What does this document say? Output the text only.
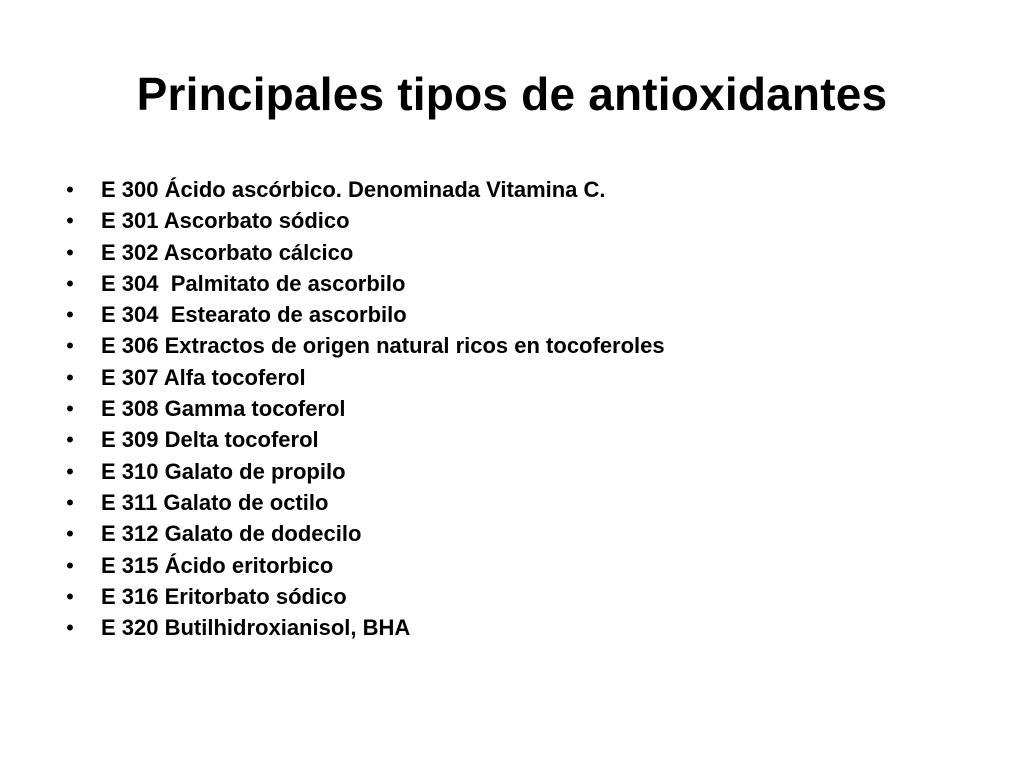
Principales tipos de antioxidantes
• E 300 Ácido ascórbico. Denominada Vitamina C.
• E 301 Ascorbato sódico
• E 302 Ascorbato cálcico
• E 304  Palmitato de ascorbilo
• E 304  Estearato de ascorbilo
• E 306 Extractos de origen natural ricos en tocoferoles
• E 307 Alfa tocoferol
• E 308 Gamma tocoferol
• E 309 Delta tocoferol
• E 310 Galato de propilo
• E 311 Galato de octilo
• E 312 Galato de dodecilo
• E 315 Ácido eritorbico
• E 316 Eritorbato sódico
• E 320 Butilhidroxianisol, BHA
